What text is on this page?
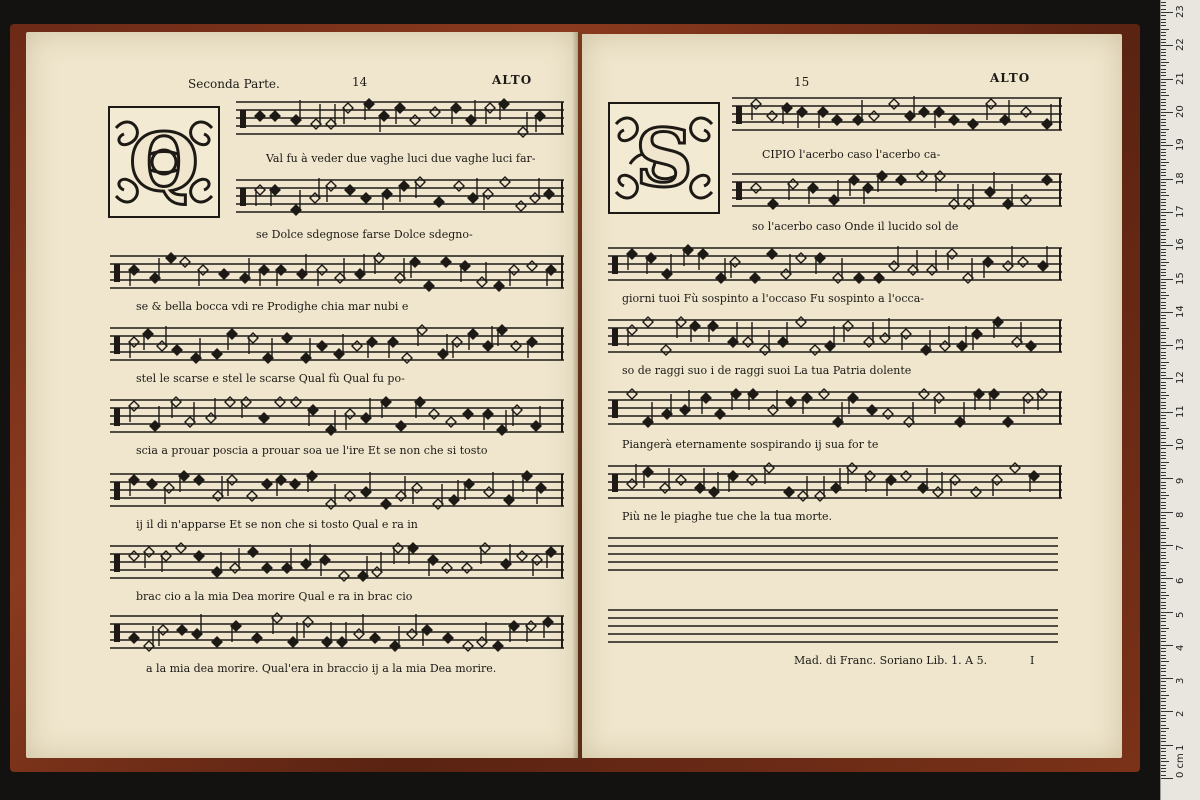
Seconda Parte.	14	ALTO
Q	Val fu à veder due vaghe luci due vaghe luci far-
se Dolce sdegnose farse Dolce sdegno-
se & bella bocca vdi re Prodighe chia mar nubi e
stel le scarse e stel le scarse Qual fù Qual fu po-
scia a prouar poscia a prouar soa ue l'ire Et se non che si tosto
ij il di n'apparse Et se non che si tosto Qual e ra in
brac cio a la mia Dea morire Qual e ra in brac cio
a la mia dea morire. Qual'era in braccio ij a la mia Dea morire.
15	ALTO
S	CIPIO l'acerbo caso l'acerbo ca-
so l'acerbo caso Onde il lucido sol de
giorni tuoi Fù sospinto a l'occaso Fu sospinto a l'occa-
so de raggi suo i de raggi suoi La tua Patria dolente
Piangerà eternamente sospirando ij sua for te
Più ne le piaghe tue che la tua morte.
Mad. di Franc. Soriano Lib. 1. A 5.	I
0 cm
1
2
3
4
5
6
7
8
9
10
11
12
13
14
15
16
17
18
19
20
21
22
23
